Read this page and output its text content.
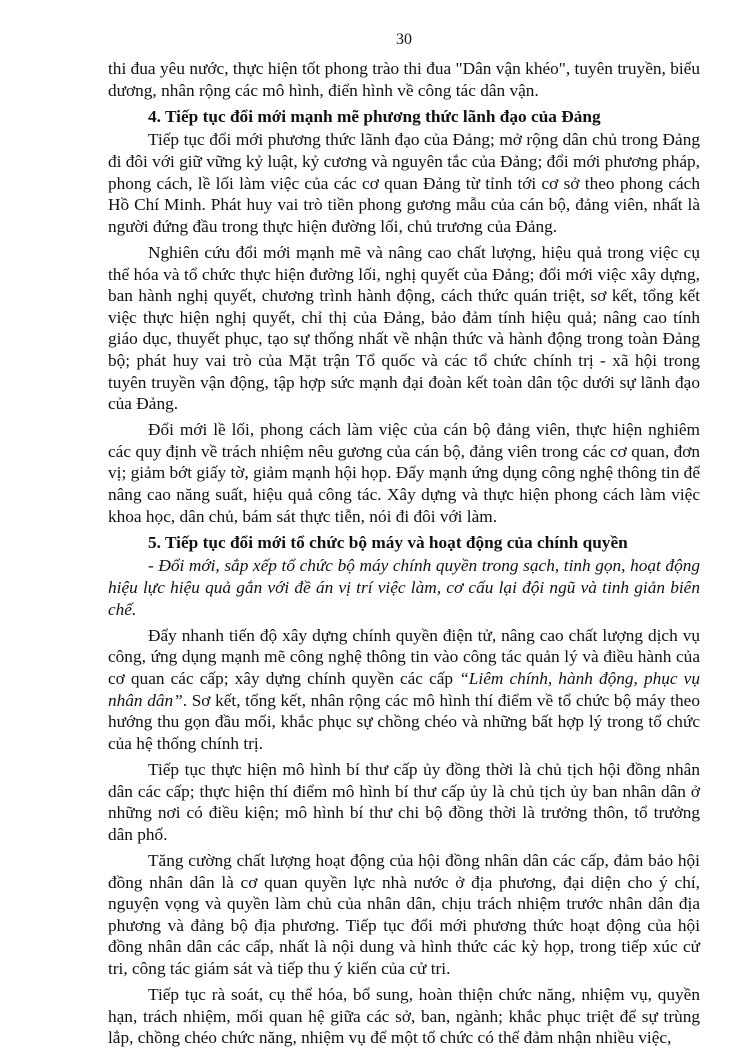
30

thi đua yêu nước, thực hiện tốt phong trào thi đua "Dân vận khéo", tuyên truyền, biểu dương, nhân rộng các mô hình, điển hình về công tác dân vận.

4. Tiếp tục đổi mới mạnh mẽ phương thức lãnh đạo của Đảng

Tiếp tục đổi mới phương thức lãnh đạo của Đảng; mở rộng dân chủ trong Đảng đi đôi với giữ vững kỷ luật, kỷ cương và nguyên tắc của Đảng; đổi mới phương pháp, phong cách, lề lối làm việc của các cơ quan Đảng từ tỉnh tới cơ sở theo phong cách Hồ Chí Minh. Phát huy vai trò tiền phong gương mẫu của cán bộ, đảng viên, nhất là người đứng đầu trong thực hiện đường lối, chủ trương của Đảng.

Nghiên cứu đổi mới mạnh mẽ và nâng cao chất lượng, hiệu quả trong việc cụ thể hóa và tổ chức thực hiện đường lối, nghị quyết của Đảng; đổi mới việc xây dựng, ban hành nghị quyết, chương trình hành động, cách thức quán triệt, sơ kết, tổng kết việc thực hiện nghị quyết, chỉ thị của Đảng, bảo đảm tính hiệu quả; nâng cao tính giáo dục, thuyết phục, tạo sự thống nhất về nhận thức và hành động trong toàn Đảng bộ; phát huy vai trò của Mặt trận Tổ quốc và các tổ chức chính trị - xã hội trong tuyên truyền vận động, tập hợp sức mạnh đại đoàn kết toàn dân tộc dưới sự lãnh đạo của Đảng.

Đổi mới lề lối, phong cách làm việc của cán bộ đảng viên, thực hiện nghiêm các quy định về trách nhiệm nêu gương của cán bộ, đảng viên trong các cơ quan, đơn vị; giảm bớt giấy tờ, giảm mạnh hội họp. Đẩy mạnh ứng dụng công nghệ thông tin để nâng cao năng suất, hiệu quả công tác. Xây dựng và thực hiện phong cách làm việc khoa học, dân chủ, bám sát thực tiễn, nói đi đôi với làm.

5. Tiếp tục đổi mới tổ chức bộ máy và hoạt động của chính quyền

- Đổi mới, sắp xếp tổ chức bộ máy chính quyền trong sạch, tinh gọn, hoạt động hiệu lực hiệu quả gắn với đề án vị trí việc làm, cơ cấu lại đội ngũ và tinh giản biên chế.

Đẩy nhanh tiến độ xây dựng chính quyền điện tử, nâng cao chất lượng dịch vụ công, ứng dụng mạnh mẽ công nghệ thông tin vào công tác quản lý và điều hành của cơ quan các cấp; xây dựng chính quyền các cấp “Liêm chính, hành động, phục vụ nhân dân”. Sơ kết, tổng kết, nhân rộng các mô hình thí điểm về tổ chức bộ máy theo hướng thu gọn đầu mối, khắc phục sự chồng chéo và những bất hợp lý trong tổ chức của hệ thống chính trị.

Tiếp tục thực hiện mô hình bí thư cấp ủy đồng thời là chủ tịch hội đồng nhân dân các cấp; thực hiện thí điểm mô hình bí thư cấp ủy là chủ tịch ủy ban nhân dân ở những nơi có điều kiện; mô hình bí thư chi bộ đồng thời là trưởng thôn, tổ trưởng dân phố.

Tăng cường chất lượng hoạt động của hội đồng nhân dân các cấp, đảm bảo hội đồng nhân dân là cơ quan quyền lực nhà nước ở địa phương, đại diện cho ý chí, nguyện vọng và quyền làm chủ của nhân dân, chịu trách nhiệm trước nhân dân địa phương và đảng bộ địa phương. Tiếp tục đổi mới phương thức hoạt động của hội đồng nhân dân các cấp, nhất là nội dung và hình thức các kỳ họp, trong tiếp xúc cử tri, công tác giám sát và tiếp thu ý kiến của cử tri.

Tiếp tục rà soát, cụ thể hóa, bổ sung, hoàn thiện chức năng, nhiệm vụ, quyền hạn, trách nhiệm, mối quan hệ giữa các sở, ban, ngành; khắc phục triệt để sự trùng lắp, chồng chéo chức năng, nhiệm vụ để một tổ chức có thể đảm nhận nhiều việc,
